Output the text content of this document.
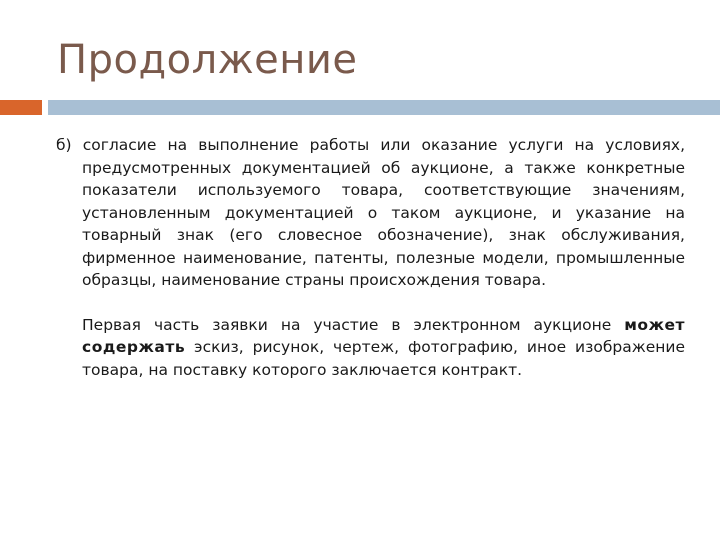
Продолжение

б) согласие на выполнение работы или оказание услуги на условиях, предусмотренных документацией об аукционе, а также конкретные показатели используемого товара, соответствующие значениям, установленным документацией о таком аукционе, и указание на товарный знак (его словесное обозначение), знак обслуживания, фирменное наименование, патенты, полезные модели, промышленные образцы, наименование страны происхождения товара.

Первая часть заявки на участие в электронном аукционе может содержать эскиз, рисунок, чертеж, фотографию, иное изображение товара, на поставку которого заключается контракт.
